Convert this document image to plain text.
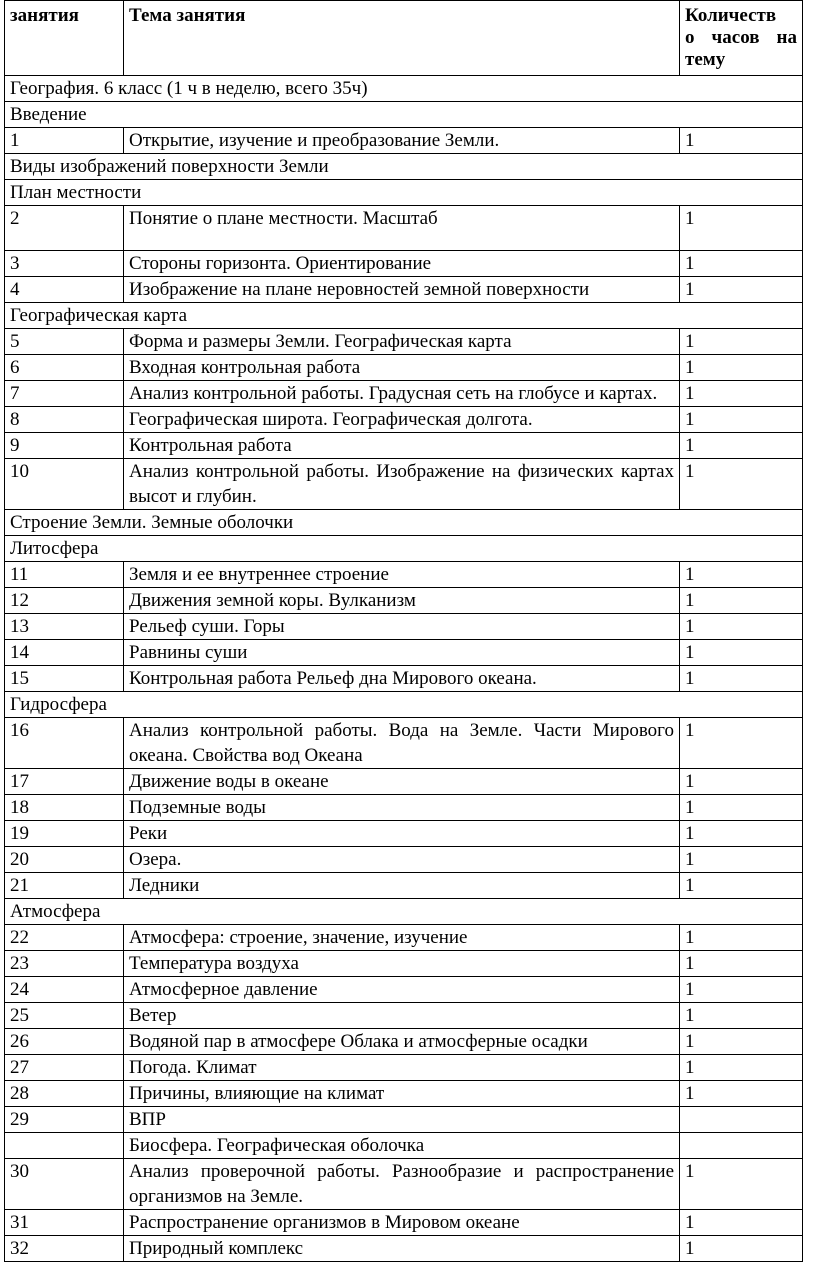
занятия	Тема занятия	Количеств
о часов на
тему

География. 6 класс (1 ч в неделю, всего 35ч)		
Введение		
1	Открытие, изучение и преобразование Земли.	1
Виды изображений поверхности Земли		
План местности		
2	Понятие о плане местности. Масштаб	1
3	Стороны горизонта. Ориентирование	1
4	Изображение на плане неровностей земной поверхности	1
Географическая карта		
5	Форма и размеры Земли. Географическая карта	1
6	Входная контрольная работа	1
7	Анализ контрольной работы. Градусная сеть на глобусе и картах.	1
8	Географическая широта. Географическая долгота.	1
9	Контрольная работа	1
10	Анализ контрольной работы. Изображение на физических картах высот и глубин.	1
Строение Земли. Земные оболочки		
Литосфера		
11	Земля и ее внутреннее строение	1
12	Движения земной коры. Вулканизм	1
13	Рельеф суши. Горы	1
14	Равнины суши	1
15	Контрольная работа Рельеф дна Мирового океана.	1
Гидросфера		
16	Анализ контрольной работы. Вода на Земле. Части Мирового океана. Свойства вод Океана	1
17	Движение воды в океане	1
18	Подземные воды	1
19	Реки	1
20	Озера.	1
21	Ледники	1
Атмосфера		
22	Атмосфера: строение, значение, изучение	1
23	Температура воздуха	1
24	Атмосферное давление	1
25	Ветер	1
26	Водяной пар в атмосфере Облака и атмосферные осадки	1
27	Погода. Климат	1
28	Причины, влияющие на климат	1
29	ВПР	
	Биосфера. Географическая оболочка	
30	Анализ проверочной работы. Разнообразие и распространение организмов на Земле.	1
31	Распространение организмов в Мировом океане	1
32	Природный комплекс	1
